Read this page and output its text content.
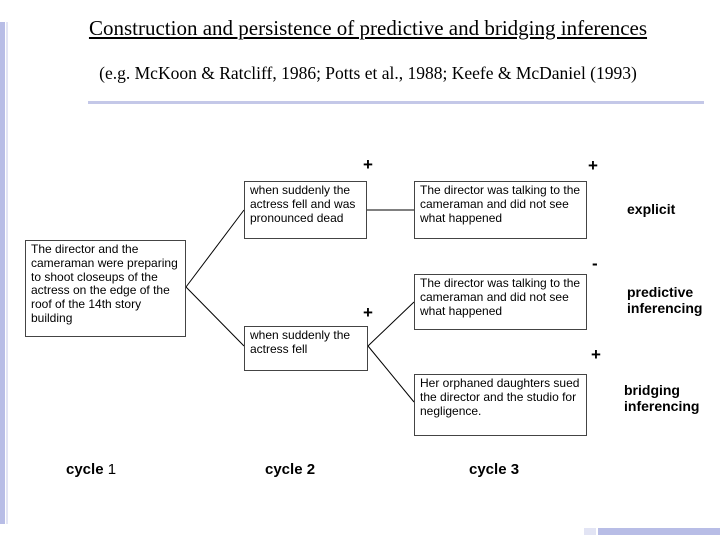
Construction and persistence of predictive and bridging inferences
(e.g. McKoon & Ratcliff, 1986; Potts et al., 1988; Keefe & McDaniel (1993)
The director and the cameraman were preparing to shoot closeups of the actress on the edge of the roof of the 14th story building
when suddenly the actress fell and was pronounced dead
when suddenly the actress fell
The director was talking to the cameraman and did not see what happened
The director was talking to the cameraman and did not see what happened
Her orphaned daughters sued the director and the studio for negligence.
+	+
-
+
+
explicit
predictive inferencing
bridging inferencing
cycle 1	cycle 2	cycle 3
